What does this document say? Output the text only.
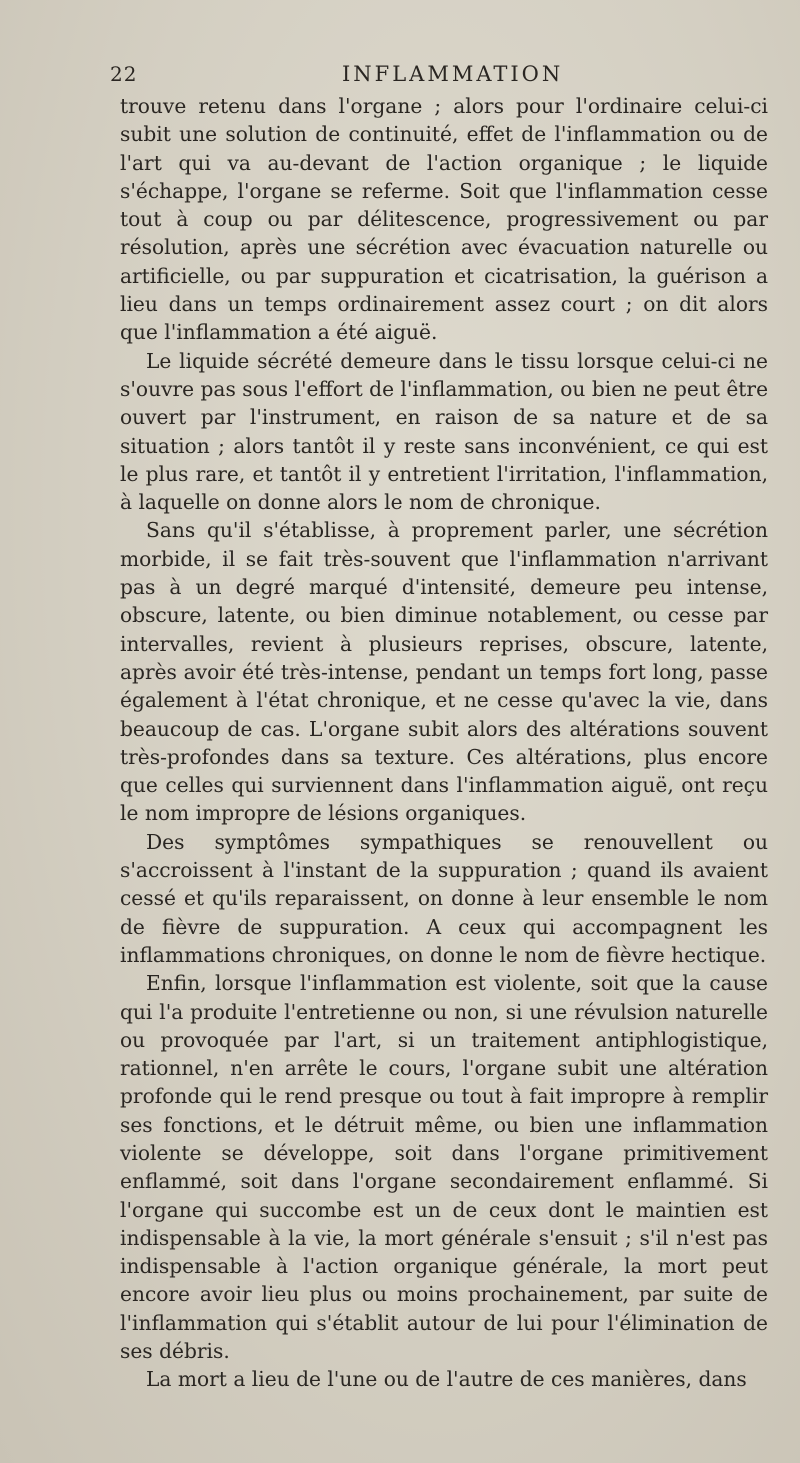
22	INFLAMMATION

trouve retenu dans l'organe ; alors pour l'ordinaire celui-ci subit une solution de continuité, effet de l'inflammation ou de l'art qui va au-devant de l'action organique ; le liquide s'échappe, l'organe se referme. Soit que l'inflammation cesse tout à coup ou par délitescence, progressivement ou par résolution, après une sécrétion avec évacuation naturelle ou artificielle, ou par suppuration et cicatrisation, la guérison a lieu dans un temps ordinairement assez court ; on dit alors que l'inflammation a été aiguë.

Le liquide sécrété demeure dans le tissu lorsque celui-ci ne s'ouvre pas sous l'effort de l'inflammation, ou bien ne peut être ouvert par l'instrument, en raison de sa nature et de sa situation ; alors tantôt il y reste sans inconvénient, ce qui est le plus rare, et tantôt il y entretient l'irritation, l'inflammation, à laquelle on donne alors le nom de chronique.

Sans qu'il s'établisse, à proprement parler, une sécrétion morbide, il se fait très-souvent que l'inflammation n'arrivant pas à un degré marqué d'intensité, demeure peu intense, obscure, latente, ou bien diminue notablement, ou cesse par intervalles, revient à plusieurs reprises, obscure, latente, après avoir été très-intense, pendant un temps fort long, passe également à l'état chronique, et ne cesse qu'avec la vie, dans beaucoup de cas. L'organe subit alors des altérations souvent très-profondes dans sa texture. Ces altérations, plus encore que celles qui surviennent dans l'inflammation aiguë, ont reçu le nom impropre de lésions organiques.

Des symptômes sympathiques se renouvellent ou s'accroissent à l'instant de la suppuration ; quand ils avaient cessé et qu'ils reparaissent, on donne à leur ensemble le nom de fièvre de suppuration. A ceux qui accompagnent les inflammations chroniques, on donne le nom de fièvre hectique.

Enfin, lorsque l'inflammation est violente, soit que la cause qui l'a produite l'entretienne ou non, si une révulsion naturelle ou provoquée par l'art, si un traitement antiphlogistique, rationnel, n'en arrête le cours, l'organe subit une altération profonde qui le rend presque ou tout à fait impropre à remplir ses fonctions, et le détruit même, ou bien une inflammation violente se développe, soit dans l'organe primitivement enflammé, soit dans l'organe secondairement enflammé. Si l'organe qui succombe est un de ceux dont le maintien est indispensable à la vie, la mort générale s'ensuit ; s'il n'est pas indispensable à l'action organique générale, la mort peut encore avoir lieu plus ou moins prochainement, par suite de l'inflammation qui s'établit autour de lui pour l'élimination de ses débris.

La mort a lieu de l'une ou de l'autre de ces manières, dans
